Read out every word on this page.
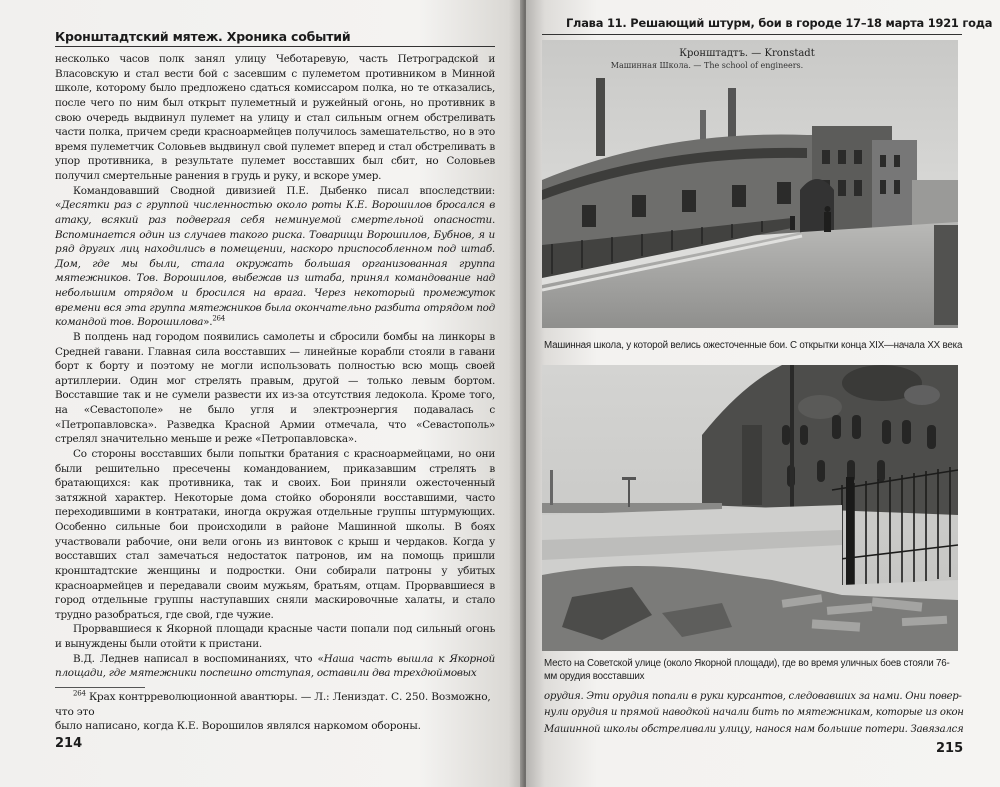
Кронштадтский мятеж. Хроника событий

несколько часов полк занял улицу Чеботаревую, часть Петроградской и Власовскую и стал вести бой с засевшим с пулеметом противником в Минной школе, которому было предложено сдаться комиссаром полка, но те отказались, после чего по ним был открыт пулеметный и ружейный огонь, но противник в свою очередь выдвинул пулемет на улицу и стал сильным огнем обстреливать части полка, причем среди красноармейцев получилось замешательство, но в это время пулеметчик Соловьев выдвинул свой пулемет вперед и стал обстреливать в упор противника, в результате пулемет восставших был сбит, но Соловьев получил смертельные ранения в грудь и руку, и вскоре умер.

Командовавший Сводной дивизией П.Е. Дыбенко писал впоследствии: «Десятки раз с группой численностью около роты К.Е. Ворошилов бросался в атаку, всякий раз подвергая себя неминуемой смертельной опасности. Вспоминается один из случаев такого риска. Товарищи Ворошилов, Бубнов, я и ряд других лиц находились в помещении, наскоро приспособленном под штаб. Дом, где мы были, стала окружать большая организованная группа мятежников. Тов. Ворошилов, выбежав из штаба, принял командование над небольшим отрядом и бросился на врага. Через некоторый промежуток времени вся эта группа мятежников была окончательно разбита отрядом под командой тов. Ворошилова».$^{264}$

В полдень над городом появились самолеты и сбросили бомбы на линкоры в Средней гавани. Главная сила восставших — линейные корабли стояли в гавани борт к борту и поэтому не могли использовать полностью всю мощь своей артиллерии. Один мог стрелять правым, другой — только левым бортом. Восставшие так и не сумели развести их из-за отсутствия ледокола. Кроме того, на «Севастополе» не было угля и электроэнергия подавалась с «Петропавловска». Разведка Красной Армии отмечала, что «Севастополь» стрелял значительно меньше и реже «Петропавловска».

Со стороны восставших были попытки братания с красноармейцами, но они были решительно пресечены командованием, приказавшим стрелять в братающихся: как противника, так и своих. Бои приняли ожесточенный затяжной характер. Некоторые дома стойко обороняли восставшими, часто переходившими в контратаки, иногда окружая отдельные группы штурмующих. Особенно сильные бои происходили в районе Машинной школы. В боях участвовали рабочие, они вели огонь из винтовок с крыш и чердаков. Когда у восставших стал замечаться недостаток патронов, им на помощь пришли кронштадтские женщины и подростки. Они собирали патроны у убитых красноармейцев и передавали своим мужьям, братьям, отцам. Прорвавшиеся в город отдельные группы наступавших сняли маскировочные халаты, и стало трудно разобраться, где свой, где чужие.

Прорвавшиеся к Якорной площади красные части попали под сильный огонь и вынуждены были отойти к пристани.

В.Д. Леднев написал в воспоминаниях, что «Наша часть вышла к Якорной площади, где мятежники поспешно отступая, оставили два трехдюймовых

$^{264}$ Крах контрреволюционной авантюры. — Л.: Лениздат. С. 250. Возможно, что это
было написано, когда К.Е. Ворошилов являлся наркомом обороны.
214
Глава 11. Решающий штурм, бои в городе 17–18 марта 1921 года
Кронштадтъ. — Kronstadt
Машинная Школа. — The school of engineers.
Машинная школа, у которой велись ожесточенные бои. С открытки конца XIX—начала XX века
Место на Советской улице (около Якорной площади), где во время уличных боев стояли 76-мм орудия восставших
орудия. Эти орудия попали в руки курсантов, следовавших за нами. Они повер-
нули орудия и прямой наводкой начали бить по мятежникам, которые из окон
Машинной школы обстреливали улицу, нанося нам большие потери. Завязался
215
